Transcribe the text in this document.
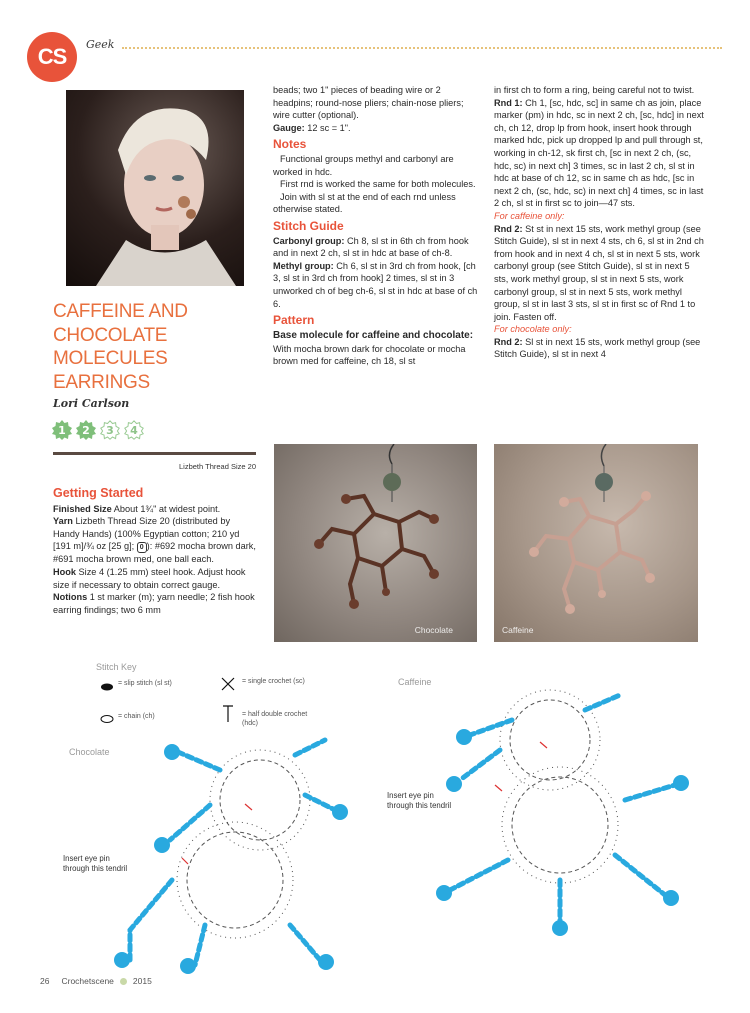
CS	Geek
CAFFEINE AND CHOCOLATE MOLECULES EARRINGS
Lori Carlson
1 2 3 4
Lizbeth Thread Size 20
Getting Started

Finished Size About 1¾" at widest point.

Yarn Lizbeth Thread Size 20 (distributed by Handy Hands) (100% Egyptian cotton; 210 yd [191 m]/¾ oz [25 g]; 0 ): #692 mocha brown dark, #691 mocha brown med, one ball each.

Hook Size 4 (1.25 mm) steel hook. Adjust hook size if necessary to obtain correct gauge.

Notions 1 st marker (m); yarn needle; 2 fish hook earring findings; two 6 mm

beads; two 1" pieces of beading wire or 2 headpins; round-nose pliers; chain-nose pliers; wire cutter (optional).

Gauge: 12 sc = 1".

Notes

Functional groups methyl and carbonyl are worked in hdc.

First rnd is worked the same for both molecules.

Join with sl st at the end of each rnd unless otherwise stated.

Stitch Guide

Carbonyl group: Ch 8, sl st in 6th ch from hook and in next 2 ch, sl st in hdc at base of ch-8.

Methyl group: Ch 6, sl st in 3rd ch from hook, [ch 3, sl st in 3rd ch from hook] 2 times, sl st in 3 unworked ch of beg ch-6, sl st in hdc at base of ch 6.

Pattern
Base molecule for caffeine and chocolate:

With mocha brown dark for chocolate or mocha brown med for caffeine, ch 18, sl st

in first ch to form a ring, being careful not to twist.

Rnd 1: Ch 1, [sc, hdc, sc] in same ch as join, place marker (pm) in hdc, sc in next 2 ch, [sc, hdc] in next ch, ch 12, drop lp from hook, insert hook through marked hdc, pick up dropped lp and pull through st, working in ch-12, sk first ch, [sc in next 2 ch, (sc, hdc, sc) in next ch] 3 times, sc in last 2 ch, sl st in hdc at base of ch 12, sc in same ch as hdc, [sc in next 2 ch, (sc, hdc, sc) in next ch] 4 times, sc in last 2 ch, sl st in first sc to join—47 sts.

For caffeine only:

Rnd 2: St st in next 15 sts, work methyl group (see Stitch Guide), sl st in next 4 sts, ch 6, sl st in 2nd ch from hook and in next 4 ch, sl st in next 5 sts, work carbonyl group (see Stitch Guide), sl st in next 5 sts, work methyl group, sl st in next 5 sts, work carbonyl group, sl st in next 5 sts, work methyl group, sl st in last 3 sts, sl st in first sc of Rnd 1 to join. Fasten off.

For chocolate only:

Rnd 2: Sl st in next 15 sts, work methyl group (see Stitch Guide), sl st in next 4

Chocolate	Caffeine
Stitch Key
= slip stitch (sl st)
= chain (ch)
= single crochet (sc)
= half double crochet (hdc)
Chocolate
Caffeine
Insert eye pin through this tendril
Insert eye pin through this tendril
26 Crochetscene 2015
